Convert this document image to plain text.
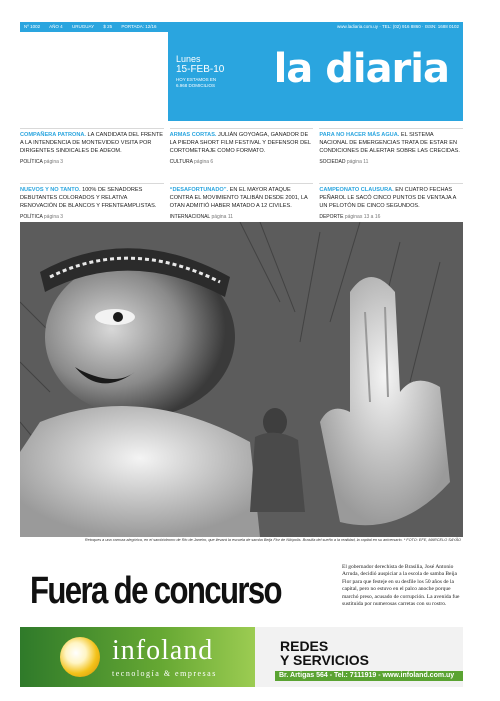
Nº 1002 AÑO 4 URUGUAY $ 25 PORTADA: 12/16	www.ladiaria.com.uy · TEL: (02) 916 8860 · ISSN: 1688 0102
Lunes
15-FEB-10
HOY ESTAMOS EN
6.968 DOMICILIOS la diaria
COMPAÑERA PATRONA. LA CANDIDATA DEL FRENTE A LA INTENDENCIA DE MONTEVIDEO VISITA POR DIRIGENTES SINDICALES DE ADEOM.
POLÍTICA página 3
ARMAS CORTAS. JULIÁN GOYOAGA, GANADOR DE LA PIEDRA SHORT FILM FESTIVAL Y DEFENSOR DEL CORTOMETRAJE COMO FORMATO.
CULTURA página 6
PARA NO HACER MÁS AGUA. EL SISTEMA NACIONAL DE EMERGENCIAS TRATA DE ESTAR EN CONDICIONES DE ALERTAR SOBRE LAS CRECIDAS.
SOCIEDAD página 11
NUEVOS Y NO TANTO. 100% DE SENADORES DEBUTANTES COLORADOS Y RELATIVA RENOVACIÓN DE BLANCOS Y FRENTEAMPLISTAS.
POLÍTICA página 3
“DESAFORTUNADO”. EN EL MAYOR ATAQUE CONTRA EL MOVIMIENTO TALIBÁN DESDE 2001, LA OTAN ADMITIÓ HABER MATADO A 12 CIVILES.
INTERNACIONAL página 11
CAMPEONATO CLAUSURA. EN CUATRO FECHAS PEÑAROL LE SACÓ CINCO PUNTOS DE VENTAJA A UN PELOTÓN DE CINCO SEGUNDOS.
DEPORTE páginas 13 a 16
Retoques a una carroza alegórica, en el sambódromo de Rio de Janeiro, que llevará la escuela de samba Beija Flor de Nilópolis. Brasília del sueño a la realidad, la capital en su aniversario. * FOTO: EFE, MARCELO SAYÃO
Fuera de concurso
El gobernador derechista de Brasilia, José Antonio Arruda, decidió auspiciar a la escola de samba Beija Flor para que festeje en su desfile los 50 años de la capital, pero no estuvo en el palco anoche porque marchó preso, acusado de corrupción. La avenida fue sustituida por numerosas carretas con su rostro.
infoland
tecnología & empresas
REDES
Y SERVICIOS
Br. Artigas 564 - Tel.: 7111919 - www.infoland.com.uy
